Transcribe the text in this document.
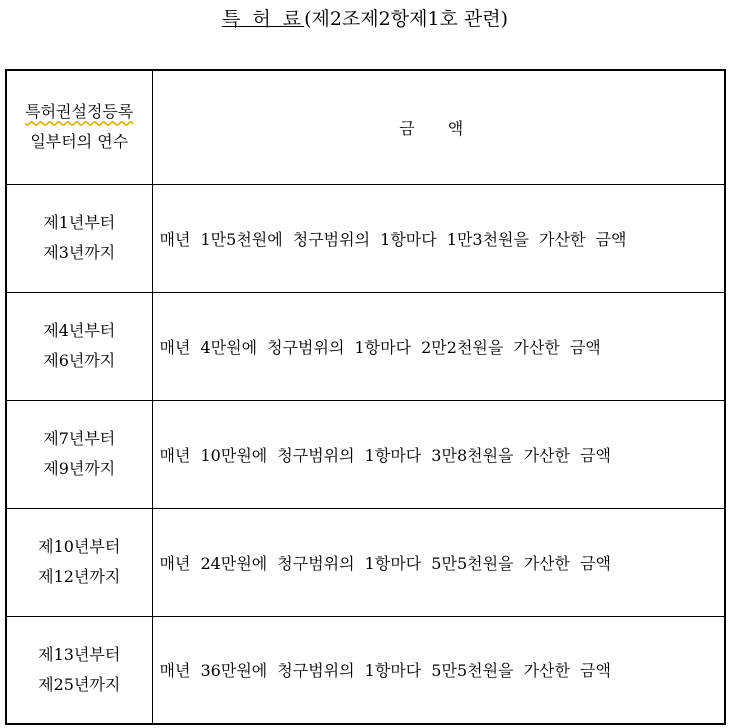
특 허 료(제2조제2항제1호 관련)
특허권설정등록
일부터의 연수	금 액

제1년부터
제3년까지	매년 1만5천원에 청구범위의 1항마다 1만3천원을 가산한 금액

제4년부터
제6년까지	매년 4만원에 청구범위의 1항마다 2만2천원을 가산한 금액

제7년부터
제9년까지	매년 10만원에 청구범위의 1항마다 3만8천원을 가산한 금액

제10년부터
제12년까지	매년 24만원에 청구범위의 1항마다 5만5천원을 가산한 금액

제13년부터
제25년까지	매년 36만원에 청구범위의 1항마다 5만5천원을 가산한 금액
